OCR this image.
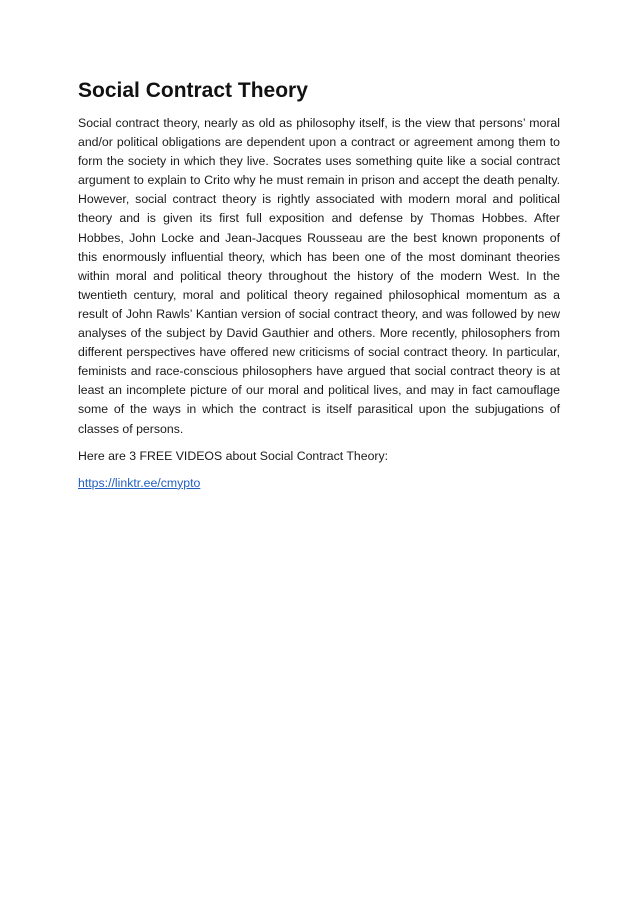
Social Contract Theory

Social contract theory, nearly as old as philosophy itself, is the view that persons’ moral and/or political obligations are dependent upon a contract or agreement among them to form the society in which they live. Socrates uses something quite like a social contract argument to explain to Crito why he must remain in prison and accept the death penalty. However, social contract theory is rightly associated with modern moral and political theory and is given its first full exposition and defense by Thomas Hobbes. After Hobbes, John Locke and Jean-Jacques Rousseau are the best known proponents of this enormously influential theory, which has been one of the most dominant theories within moral and political theory throughout the history of the modern West. In the twentieth century, moral and political theory regained philosophical momentum as a result of John Rawls’ Kantian version of social contract theory, and was followed by new analyses of the subject by David Gauthier and others. More recently, philosophers from different perspectives have offered new criticisms of social contract theory. In particular, feminists and race-conscious philosophers have argued that social contract theory is at least an incomplete picture of our moral and political lives, and may in fact camouflage some of the ways in which the contract is itself parasitical upon the subjugations of classes of persons.

Here are 3 FREE VIDEOS about Social Contract Theory:

https://linktr.ee/cmypto
